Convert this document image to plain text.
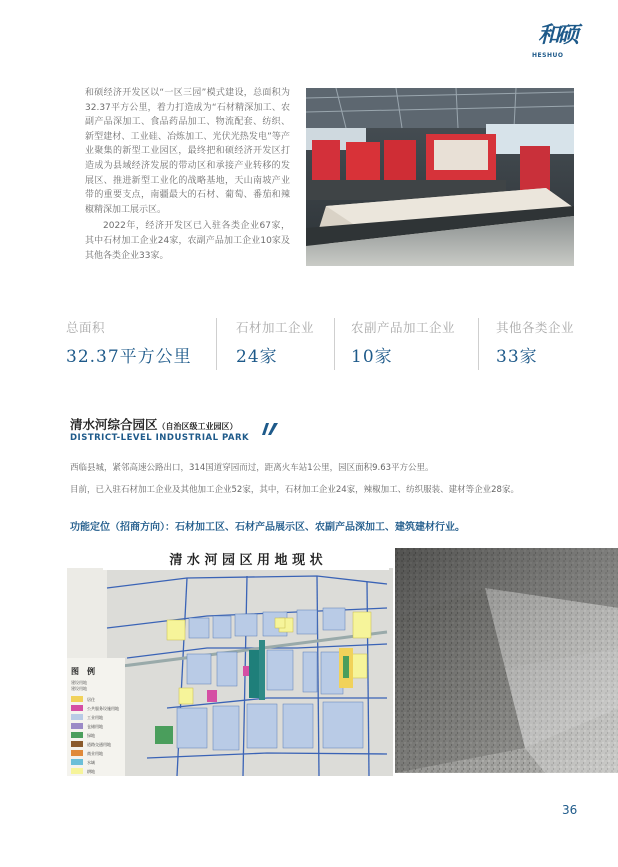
和硕
HESHUO

和硕经济开发区以“一区三园”模式建设，总面积为32.37平方公里，着力打造成为“石材精深加工、农副产品深加工、食品药品加工、物流配套、纺织、新型建材、工业硅、冶炼加工、光伏光热发电”等产业聚集的新型工业园区，最终把和硕经济开发区打造成为县域经济发展的带动区和承接产业转移的发展区、推进新型工业化的战略基地，天山南坡产业带的重要支点，南疆最大的石材、葡萄、番茄和辣椒精深加工展示区。

2022年，经济开发区已入驻各类企业67家，其中石材加工企业24家，农副产品加工企业10家及其他各类企业33家。

总面积
32.37平方公里
石材加工企业
24家
农副产品加工企业
10家
其他各类企业
33家
清水河综合园区（自治区级工业园区）
DISTRICT-LEVEL INDUSTRIAL PARK
西临县城，紧邻高速公路出口，314国道穿园而过，距离火车站1公里，园区面积9.63平方公里。
目前，已入驻石材加工企业及其他加工企业52家，其中，石材加工企业24家，辣椒加工、纺织服装、建材等企业28家。
功能定位（招商方向）：石材加工区、石材产品展示区、农副产品深加工、建筑建材行业。
清 水 河 园 区 用 地 现 状
图　例
建设用地
建设用地
居住
公共服务设施用地
工业用地
仓储用地
绿地
道路交通用地
商业用地
水域
耕地
36
